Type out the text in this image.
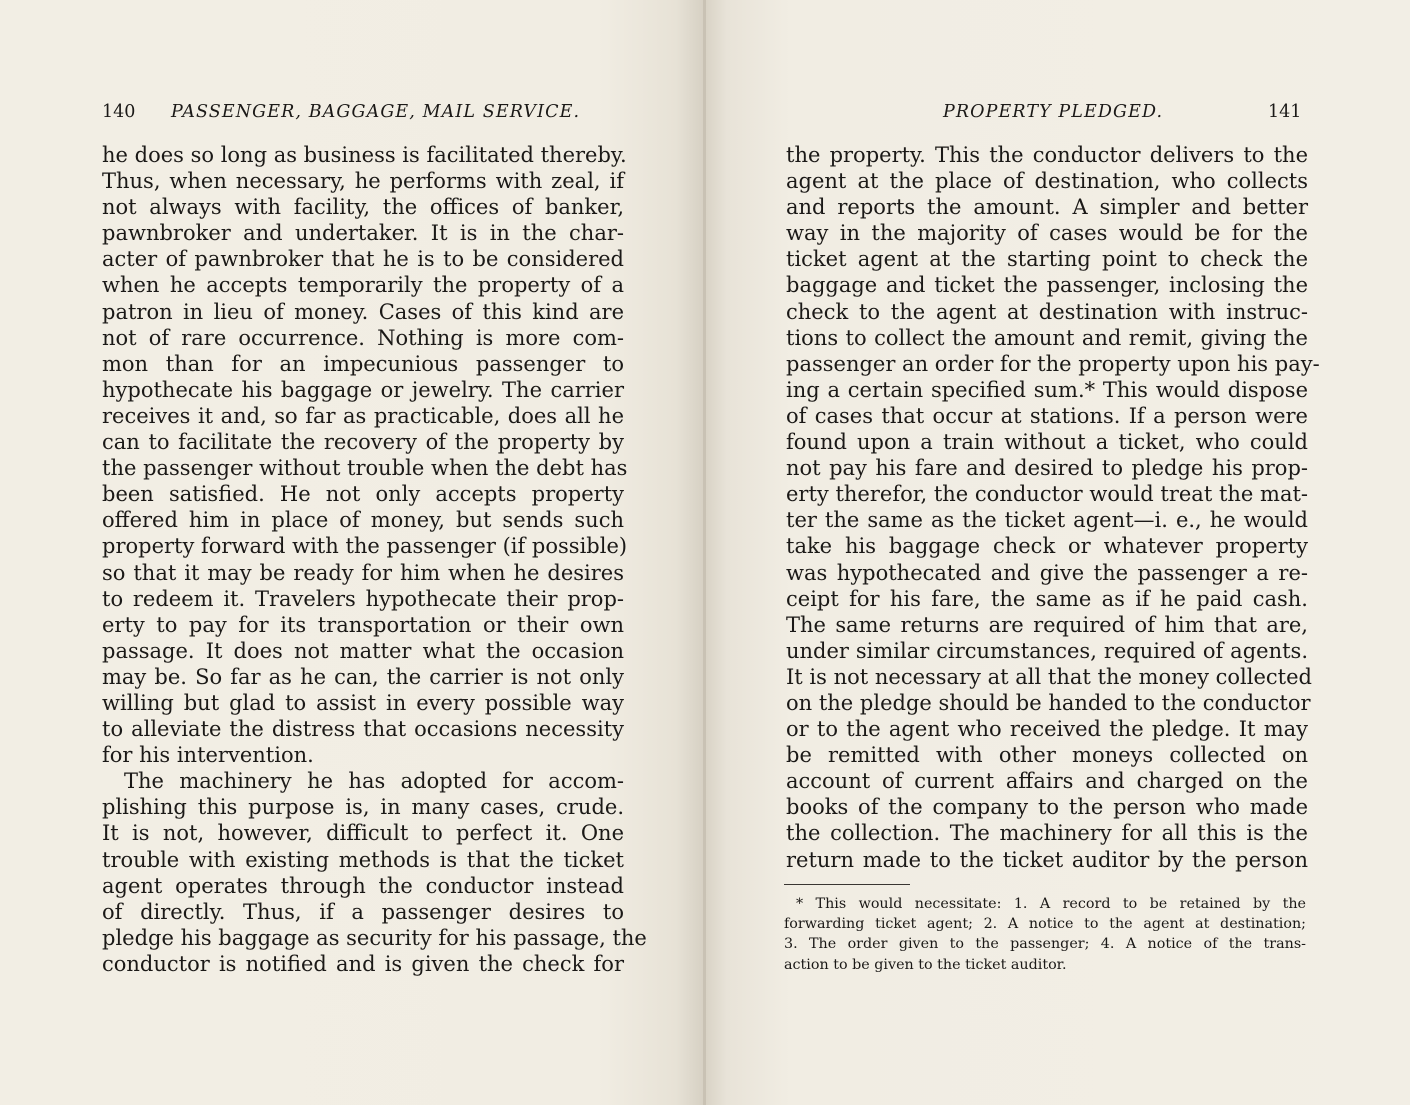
140 PASSENGER, BAGGAGE, MAIL SERVICE.	PROPERTY PLEDGED.	141
he does so long as business is facilitated thereby.
Thus, when necessary, he performs with zeal, if
not always with facility, the offices of banker,
pawnbroker and undertaker. It is in the char-
acter of pawnbroker that he is to be considered
when he accepts temporarily the property of a
patron in lieu of money. Cases of this kind are
not of rare occurrence. Nothing is more com-
mon than for an impecunious passenger to
hypothecate his baggage or jewelry. The carrier
receives it and, so far as practicable, does all he
can to facilitate the recovery of the property by
the passenger without trouble when the debt has
been satisfied. He not only accepts property
offered him in place of money, but sends such
property forward with the passenger (if possible)
so that it may be ready for him when he desires
to redeem it. Travelers hypothecate their prop-
erty to pay for its transportation or their own
passage. It does not matter what the occasion
may be. So far as he can, the carrier is not only
willing but glad to assist in every possible way
to alleviate the distress that occasions necessity
for his intervention.
The machinery he has adopted for accom-
plishing this purpose is, in many cases, crude.
It is not, however, difficult to perfect it. One
trouble with existing methods is that the ticket
agent operates through the conductor instead
of directly. Thus, if a passenger desires to
pledge his baggage as security for his passage, the
conductor is notified and is given the check for
the property. This the conductor delivers to the
agent at the place of destination, who collects
and reports the amount. A simpler and better
way in the majority of cases would be for the
ticket agent at the starting point to check the
baggage and ticket the passenger, inclosing the
check to the agent at destination with instruc-
tions to collect the amount and remit, giving the
passenger an order for the property upon his pay-
ing a certain specified sum.* This would dispose
of cases that occur at stations. If a person were
found upon a train without a ticket, who could
not pay his fare and desired to pledge his prop-
erty therefor, the conductor would treat the mat-
ter the same as the ticket agent—i. e., he would
take his baggage check or whatever property
was hypothecated and give the passenger a re-
ceipt for his fare, the same as if he paid cash.
The same returns are required of him that are,
under similar circumstances, required of agents.
It is not necessary at all that the money collected
on the pledge should be handed to the conductor
or to the agent who received the pledge. It may
be remitted with other moneys collected on
account of current affairs and charged on the
books of the company to the person who made
the collection. The machinery for all this is the
return made to the ticket auditor by the person
* This would necessitate: 1. A record to be retained by the
forwarding ticket agent; 2. A notice to the agent at destination;
3. The order given to the passenger; 4. A notice of the trans-
action to be given to the ticket auditor.
